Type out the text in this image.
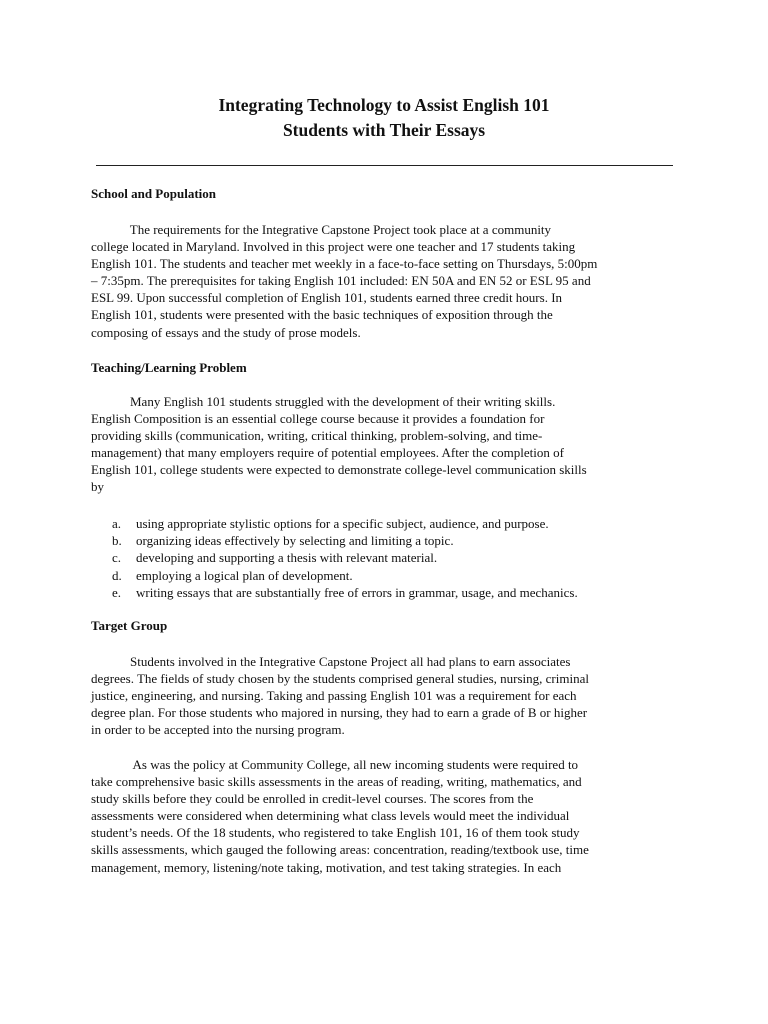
Integrating Technology to Assist English 101
Students with Their Essays
School and Population
The requirements for the Integrative Capstone Project took place at a community
college located in Maryland. Involved in this project were one teacher and 17 students taking
English 101. The students and teacher met weekly in a face-to-face setting on Thursdays, 5:00pm
– 7:35pm. The prerequisites for taking English 101 included: EN 50A and EN 52 or ESL 95 and
ESL 99. Upon successful completion of English 101, students earned three credit hours. In
English 101, students were presented with the basic techniques of exposition through the
composing of essays and the study of prose models.
Teaching/Learning Problem
Many English 101 students struggled with the development of their writing skills.
English Composition is an essential college course because it provides a foundation for
providing skills (communication, writing, critical thinking, problem-solving, and time-
management) that many employers require of potential employees. After the completion of
English 101, college students were expected to demonstrate college-level communication skills
by
a.	using appropriate stylistic options for a specific subject, audience, and purpose.
b.	organizing ideas effectively by selecting and limiting a topic.
c.	developing and supporting a thesis with relevant material.
d.	employing a logical plan of development.
e.	writing essays that are substantially free of errors in grammar, usage, and mechanics.
Target Group
Students involved in the Integrative Capstone Project all had plans to earn associates
degrees. The fields of study chosen by the students comprised general studies, nursing, criminal
justice, engineering, and nursing. Taking and passing English 101 was a requirement for each
degree plan. For those students who majored in nursing, they had to earn a grade of B or higher
in order to be accepted into the nursing program.
As was the policy at Community College, all new incoming students were required to
take comprehensive basic skills assessments in the areas of reading, writing, mathematics, and
study skills before they could be enrolled in credit-level courses. The scores from the
assessments were considered when determining what class levels would meet the individual
student’s needs. Of the 18 students, who registered to take English 101, 16 of them took study
skills assessments, which gauged the following areas: concentration, reading/textbook use, time
management, memory, listening/note taking, motivation, and test taking strategies. In each
